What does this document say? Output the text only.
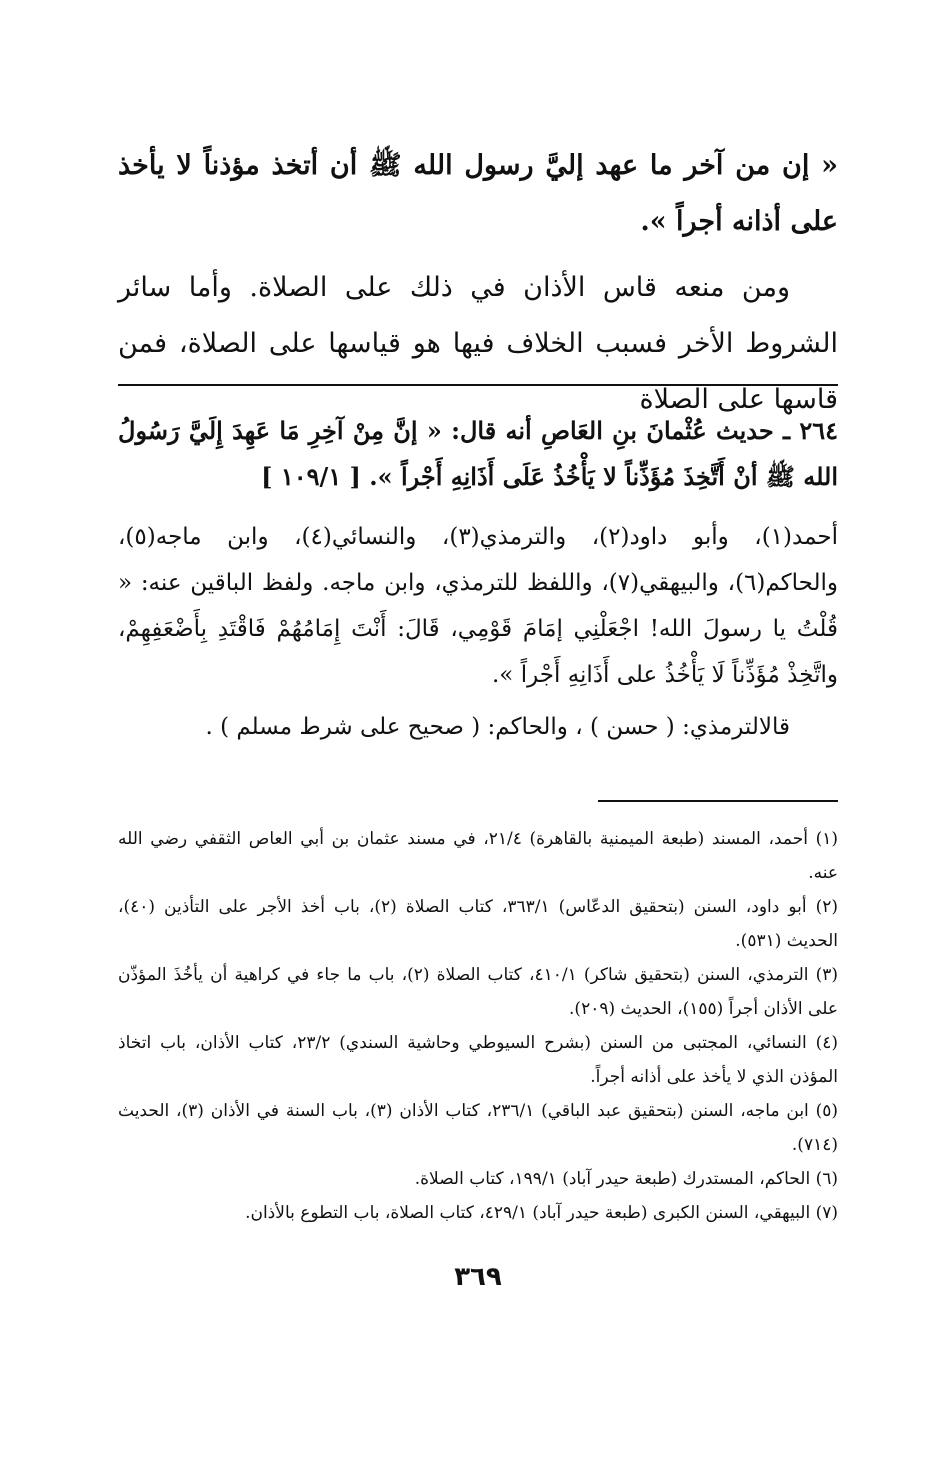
« إن من آخر ما عهد إليَّ رسول الله ﷺ أن أتخذ مؤذناً لا يأخذ على أذانه أجراً ».

ومن منعه قاس الأذان في ذلك على الصلاة. وأما سائر الشروط الأخر فسبب الخلاف فيها هو قياسها على الصلاة، فمن قاسها على الصلاة

٢٦٤ ـ حديث عُثْمانَ بنِ العَاصِ أنه قال: « إنَّ مِنْ آخِرِ مَا عَهِدَ إِلَيَّ رَسُولُ الله ﷺ أنْ أَتَّخِذَ مُؤَذِّناً لا يَأْخُذُ عَلَى أَذَانِهِ أَجْراً ». [ ١٠٩/١ ]

أحمد(١)، وأبو داود(٢)، والترمذي(٣)، والنسائي(٤)، وابن ماجه(٥)، والحاكم(٦)، والبيهقي(٧)، واللفظ للترمذي، وابن ماجه. ولفظ الباقين عنه: « قُلْتُ يا رسولَ الله! اجْعَلْنِي إمَامَ قَوْمِي، قَالَ: أَنْتَ إِمَامُهُمْ فَاقْتَدِ بِأَضْعَفِهِمْ، واتَّخِذْ مُؤَذِّناً لَا يَأْخُذُ على أَذَانِهِ أَجْراً ».

قالالترمذي: ( حسن ) ، والحاكم: ( صحيح على شرط مسلم ) .
(١) أحمد، المسند (طبعة الميمنية بالقاهرة) ٢١/٤، في مسند عثمان بن أبي العاص الثقفي رضي الله عنه.
(٢) أبو داود، السنن (بتحقيق الدعّاس) ٣٦٣/١، كتاب الصلاة (٢)، باب أخذ الأجر على التأذين (٤٠)، الحديث (٥٣١).
(٣) الترمذي، السنن (بتحقيق شاكر) ٤١٠/١، كتاب الصلاة (٢)، باب ما جاء في كراهية أن يأخُذَ المؤذّن على الأذان أجراً (١٥٥)، الحديث (٢٠٩).
(٤) النسائي، المجتبى من السنن (بشرح السيوطي وحاشية السندي) ٢٣/٢، كتاب الأذان، باب اتخاذ المؤذن الذي لا يأخذ على أذانه أجراً.
(٥) ابن ماجه، السنن (بتحقيق عبد الباقي) ٢٣٦/١، كتاب الأذان (٣)، باب السنة في الأذان (٣)، الحديث (٧١٤).
(٦) الحاكم، المستدرك (طبعة حيدر آباد) ١٩٩/١، كتاب الصلاة.
(٧) البيهقي، السنن الكبرى (طبعة حيدر آباد) ٤٢٩/١، كتاب الصلاة، باب التطوع بالأذان.
٣٦٩
